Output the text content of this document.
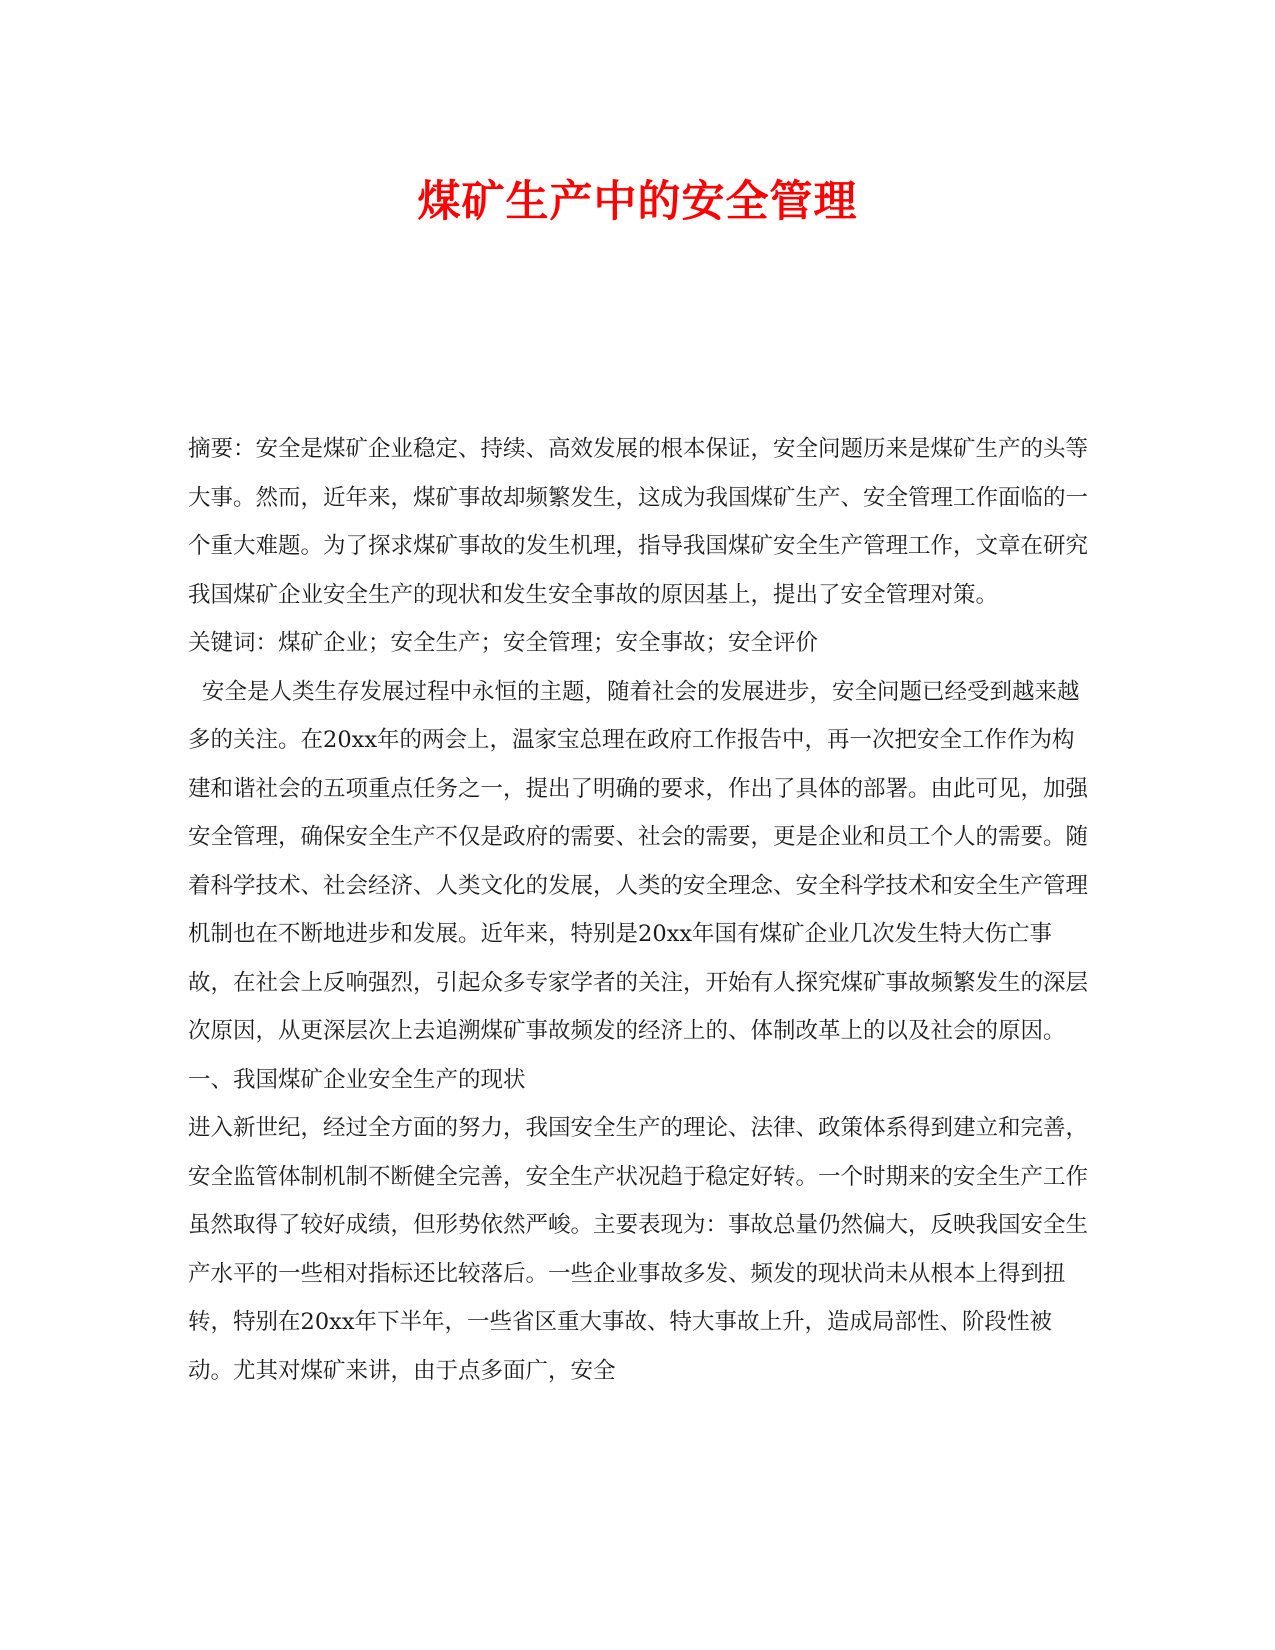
煤矿生产中的安全管理

摘要：安全是煤矿企业稳定、持续、高效发展的根本保证，安全问题历来是煤矿生产的头等大事。然而，近年来，煤矿事故却频繁发生，这成为我国煤矿生产、安全管理工作面临的一个重大难题。为了探求煤矿事故的发生机理，指导我国煤矿安全生产管理工作，文章在研究我国煤矿企业安全生产的现状和发生安全事故的原因基上，提出了安全管理对策。

关键词：煤矿企业；安全生产；安全管理；安全事故；安全评价

安全是人类生存发展过程中永恒的主题，随着社会的发展进步，安全问题已经受到越来越多的关注。在20xx年的两会上，温家宝总理在政府工作报告中，再一次把安全工作作为构建和谐社会的五项重点任务之一，提出了明确的要求，作出了具体的部署。由此可见，加强安全管理，确保安全生产不仅是政府的需要、社会的需要，更是企业和员工个人的需要。随着科学技术、社会经济、人类文化的发展，人类的安全理念、安全科学技术和安全生产管理机制也在不断地进步和发展。近年来，特别是20xx年国有煤矿企业几次发生特大伤亡事故，在社会上反响强烈，引起众多专家学者的关注，开始有人探究煤矿事故频繁发生的深层次原因，从更深层次上去追溯煤矿事故频发的经济上的、体制改革上的以及社会的原因。

一、我国煤矿企业安全生产的现状

进入新世纪，经过全方面的努力，我国安全生产的理论、法律、政策体系得到建立和完善，安全监管体制机制不断健全完善，安全生产状况趋于稳定好转。一个时期来的安全生产工作虽然取得了较好成绩，但形势依然严峻。主要表现为：事故总量仍然偏大，反映我国安全生产水平的一些相对指标还比较落后。一些企业事故多发、频发的现状尚未从根本上得到扭转，特别在20xx年下半年，一些省区重大事故、特大事故上升，造成局部性、阶段性被动。尤其对煤矿来讲，由于点多面广，安全
